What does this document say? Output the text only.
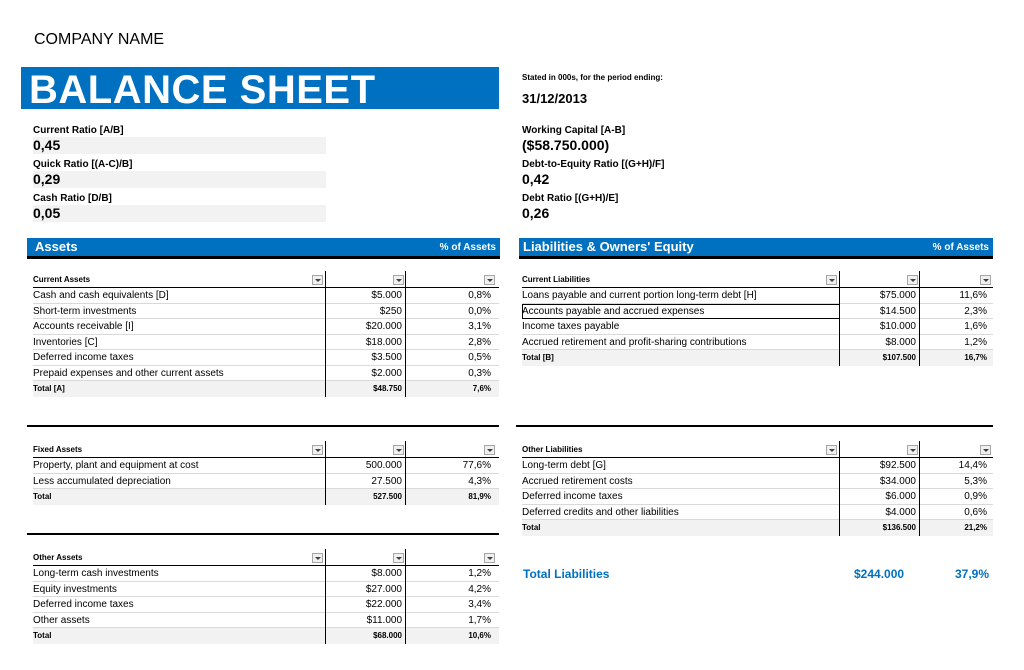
COMPANY NAME
BALANCE SHEET	Stated in 000s, for the period ending:
31/12/2013
Current Ratio [A/B]
0,45
Quick Ratio [(A-C)/B]
0,29
Cash Ratio [D/B]
0,05
Working Capital [A-B]
($58.750.000)
Debt-to-Equity Ratio [(G+H)/F]
0,42
Debt Ratio [(G+H)/E]
0,26
Assets	% of Assets Liabilities & Owners' Equity	% of Assets
Current Assets
Cash and cash equivalents [D]	$5.000	0,8%
Short-term investments	$250	0,0%
Accounts receivable [I]	$20.000	3,1%
Inventories [C]	$18.000	2,8%
Deferred income taxes	$3.500	0,5%
Prepaid expenses and other current assets	$2.000	0,3%
Total [A]	$48.750	7,6%
Fixed Assets
Property, plant and equipment at cost	500.000	77,6%
Less accumulated depreciation	27.500	4,3%
Total	527.500	81,9%
Other Assets
Long-term cash investments	$8.000	1,2%
Equity investments	$27.000	4,2%
Deferred income taxes	$22.000	3,4%
Other assets	$11.000	1,7%
Total	$68.000	10,6%
Current Liabilities
Loans payable and current portion long-term debt [H]	$75.000	11,6%
Accounts payable and accrued expenses	$14.500	2,3%
Income taxes payable	$10.000	1,6%
Accrued retirement and profit-sharing contributions	$8.000	1,2%
Total [B]	$107.500	16,7%
Other Liabilities
Long-term debt [G]	$92.500	14,4%
Accrued retirement costs	$34.000	5,3%
Deferred income taxes	$6.000	0,9%
Deferred credits and other liabilities	$4.000	0,6%
Total	$136.500	21,2%
Total Liabilities	$244.000	37,9%
